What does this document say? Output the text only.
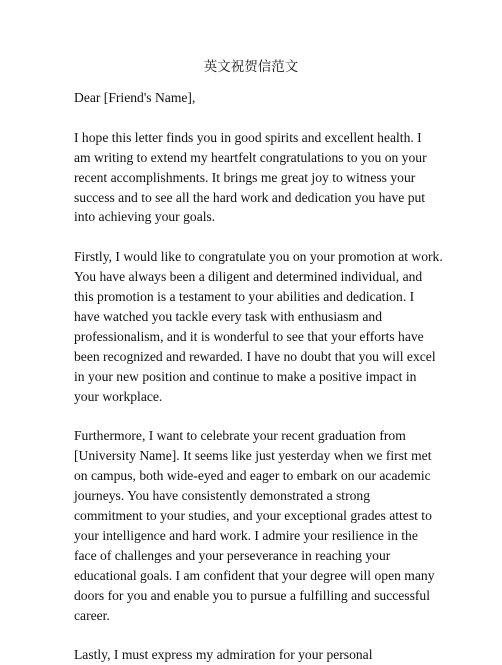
英文祝贺信范文
Dear [Friend's Name],
I hope this letter finds you in good spirits and excellent health. I
am writing to extend my heartfelt congratulations to you on your
recent accomplishments. It brings me great joy to witness your
success and to see all the hard work and dedication you have put
into achieving your goals.
Firstly, I would like to congratulate you on your promotion at work.
You have always been a diligent and determined individual, and
this promotion is a testament to your abilities and dedication. I
have watched you tackle every task with enthusiasm and
professionalism, and it is wonderful to see that your efforts have
been recognized and rewarded. I have no doubt that you will excel
in your new position and continue to make a positive impact in
your workplace.
Furthermore, I want to celebrate your recent graduation from
[University Name]. It seems like just yesterday when we first met
on campus, both wide-eyed and eager to embark on our academic
journeys. You have consistently demonstrated a strong
commitment to your studies, and your exceptional grades attest to
your intelligence and hard work. I admire your resilience in the
face of challenges and your perseverance in reaching your
educational goals. I am confident that your degree will open many
doors for you and enable you to pursue a fulfilling and successful
career.
Lastly, I must express my admiration for your personal
